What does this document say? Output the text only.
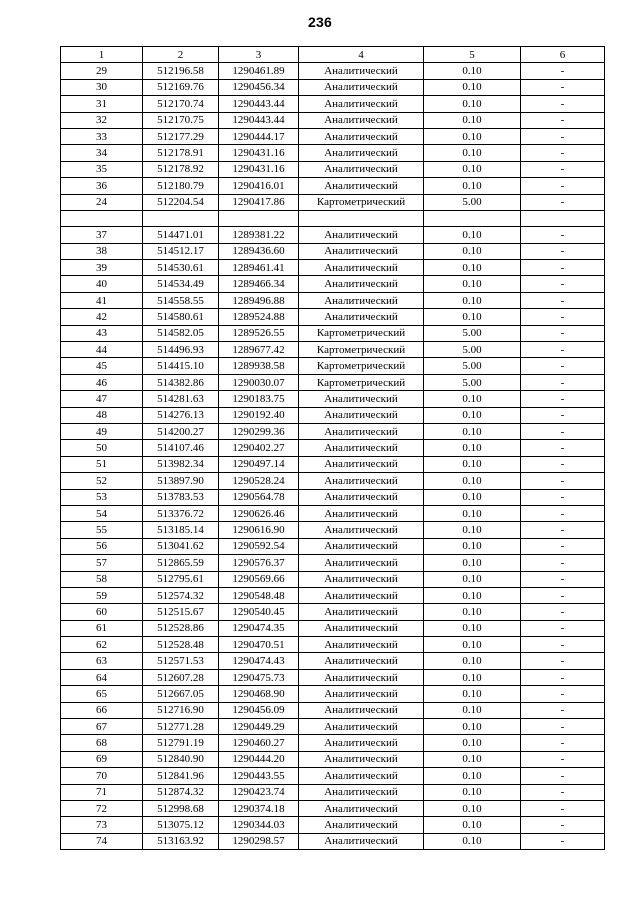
236
1	2	3	4	5	6
29	512196.58	1290461.89	Аналитический	0.10	-
30	512169.76	1290456.34	Аналитический	0.10	-
31	512170.74	1290443.44	Аналитический	0.10	-
32	512170.75	1290443.44	Аналитический	0.10	-
33	512177.29	1290444.17	Аналитический	0.10	-
34	512178.91	1290431.16	Аналитический	0.10	-
35	512178.92	1290431.16	Аналитический	0.10	-
36	512180.79	1290416.01	Аналитический	0.10	-
24	512204.54	1290417.86	Картометрический	5.00	-

37	514471.01	1289381.22	Аналитический	0.10	-
38	514512.17	1289436.60	Аналитический	0.10	-
39	514530.61	1289461.41	Аналитический	0.10	-
40	514534.49	1289466.34	Аналитический	0.10	-
41	514558.55	1289496.88	Аналитический	0.10	-
42	514580.61	1289524.88	Аналитический	0.10	-
43	514582.05	1289526.55	Картометрический	5.00	-
44	514496.93	1289677.42	Картометрический	5.00	-
45	514415.10	1289938.58	Картометрический	5.00	-
46	514382.86	1290030.07	Картометрический	5.00	-
47	514281.63	1290183.75	Аналитический	0.10	-
48	514276.13	1290192.40	Аналитический	0.10	-
49	514200.27	1290299.36	Аналитический	0.10	-
50	514107.46	1290402.27	Аналитический	0.10	-
51	513982.34	1290497.14	Аналитический	0.10	-
52	513897.90	1290528.24	Аналитический	0.10	-
53	513783.53	1290564.78	Аналитический	0.10	-
54	513376.72	1290626.46	Аналитический	0.10	-
55	513185.14	1290616.90	Аналитический	0.10	-
56	513041.62	1290592.54	Аналитический	0.10	-
57	512865.59	1290576.37	Аналитический	0.10	-
58	512795.61	1290569.66	Аналитический	0.10	-
59	512574.32	1290548.48	Аналитический	0.10	-
60	512515.67	1290540.45	Аналитический	0.10	-
61	512528.86	1290474.35	Аналитический	0.10	-
62	512528.48	1290470.51	Аналитический	0.10	-
63	512571.53	1290474.43	Аналитический	0.10	-
64	512607.28	1290475.73	Аналитический	0.10	-
65	512667.05	1290468.90	Аналитический	0.10	-
66	512716.90	1290456.09	Аналитический	0.10	-
67	512771.28	1290449.29	Аналитический	0.10	-
68	512791.19	1290460.27	Аналитический	0.10	-
69	512840.90	1290444.20	Аналитический	0.10	-
70	512841.96	1290443.55	Аналитический	0.10	-
71	512874.32	1290423.74	Аналитический	0.10	-
72	512998.68	1290374.18	Аналитический	0.10	-
73	513075.12	1290344.03	Аналитический	0.10	-
74	513163.92	1290298.57	Аналитический	0.10	-
